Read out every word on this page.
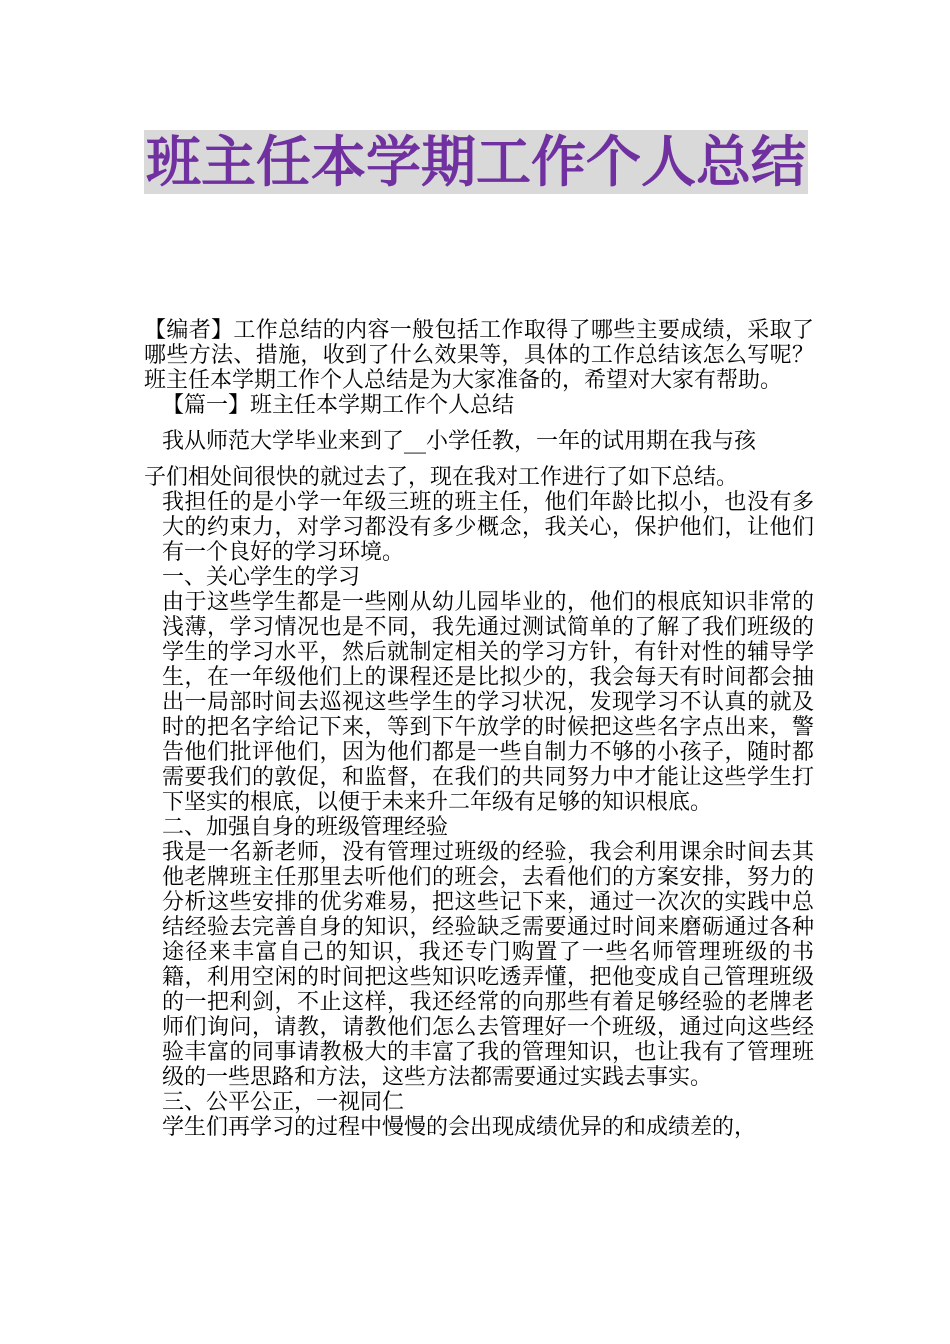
班主任本学期工作个人总结

【编者】工作总结的内容一般包括工作取得了哪些主要成绩，采取了哪些方法、措施，收到了什么效果等，具体的工作总结该怎么写呢？班主任本学期工作个人总结是为大家准备的，希望对大家有帮助。

【篇一】班主任本学期工作个人总结

我从师范大学毕业来到了__小学任教，一年的试用期在我与孩

子们相处间很快的就过去了，现在我对工作进行了如下总结。

我担任的是小学一年级三班的班主任，他们年龄比拟小，也没有多大的约束力，对学习都没有多少概念，我关心，保护他们，让他们有一个良好的学习环境。

一、关心学生的学习

由于这些学生都是一些刚从幼儿园毕业的，他们的根底知识非常的浅薄，学习情况也是不同，我先通过测试简单的了解了我们班级的学生的学习水平，然后就制定相关的学习方针，有针对性的辅导学生，在一年级他们上的课程还是比拟少的，我会每天有时间都会抽出一局部时间去巡视这些学生的学习状况，发现学习不认真的就及时的把名字给记下来，等到下午放学的时候把这些名字点出来，警告他们批评他们，因为他们都是一些自制力不够的小孩子，随时都需要我们的敦促，和监督，在我们的共同努力中才能让这些学生打下坚实的根底，以便于未来升二年级有足够的知识根底。

二、加强自身的班级管理经验

我是一名新老师，没有管理过班级的经验，我会利用课余时间去其他老牌班主任那里去听他们的班会，去看他们的方案安排，努力的分析这些安排的优劣难易，把这些记下来，通过一次次的实践中总结经验去完善自身的知识，经验缺乏需要通过时间来磨砺通过各种途径来丰富自己的知识，我还专门购置了一些名师管理班级的书籍，利用空闲的时间把这些知识吃透弄懂，把他变成自己管理班级的一把利剑，不止这样，我还经常的向那些有着足够经验的老牌老师们询问，请教，请教他们怎么去管理好一个班级，通过向这些经验丰富的同事请教极大的丰富了我的管理知识，也让我有了管理班级的一些思路和方法，这些方法都需要通过实践去事实。

三、公平公正，一视同仁

学生们再学习的过程中慢慢的会出现成绩优异的和成绩差的，
